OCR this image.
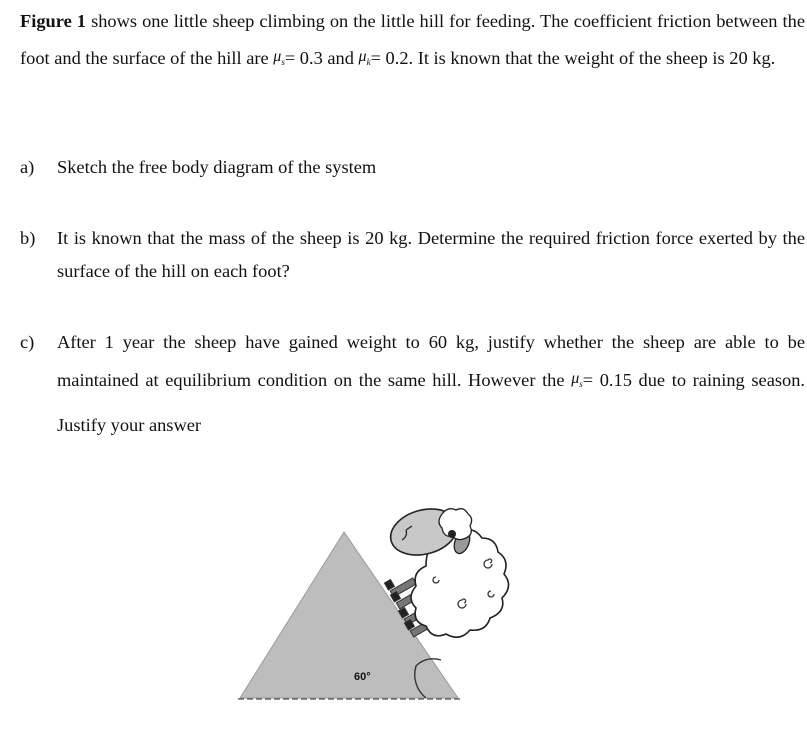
Figure 1 shows one little sheep climbing on the little hill for feeding. The coefficient friction between the foot and the surface of the hill are $\mu_s= 0.3$ and $\mu_k= 0.2$. It is known that the weight of the sheep is 20 kg.
a) Sketch the free body diagram of the system
b) It is known that the mass of the sheep is 20 kg. Determine the required friction force exerted by the surface of the hill on each foot?
c) After 1 year the sheep have gained weight to 60 kg, justify whether the sheep are able to be maintained at equilibrium condition on the same hill. However the $\mu_s= 0.15$ due to raining season. Justify your answer
60°
